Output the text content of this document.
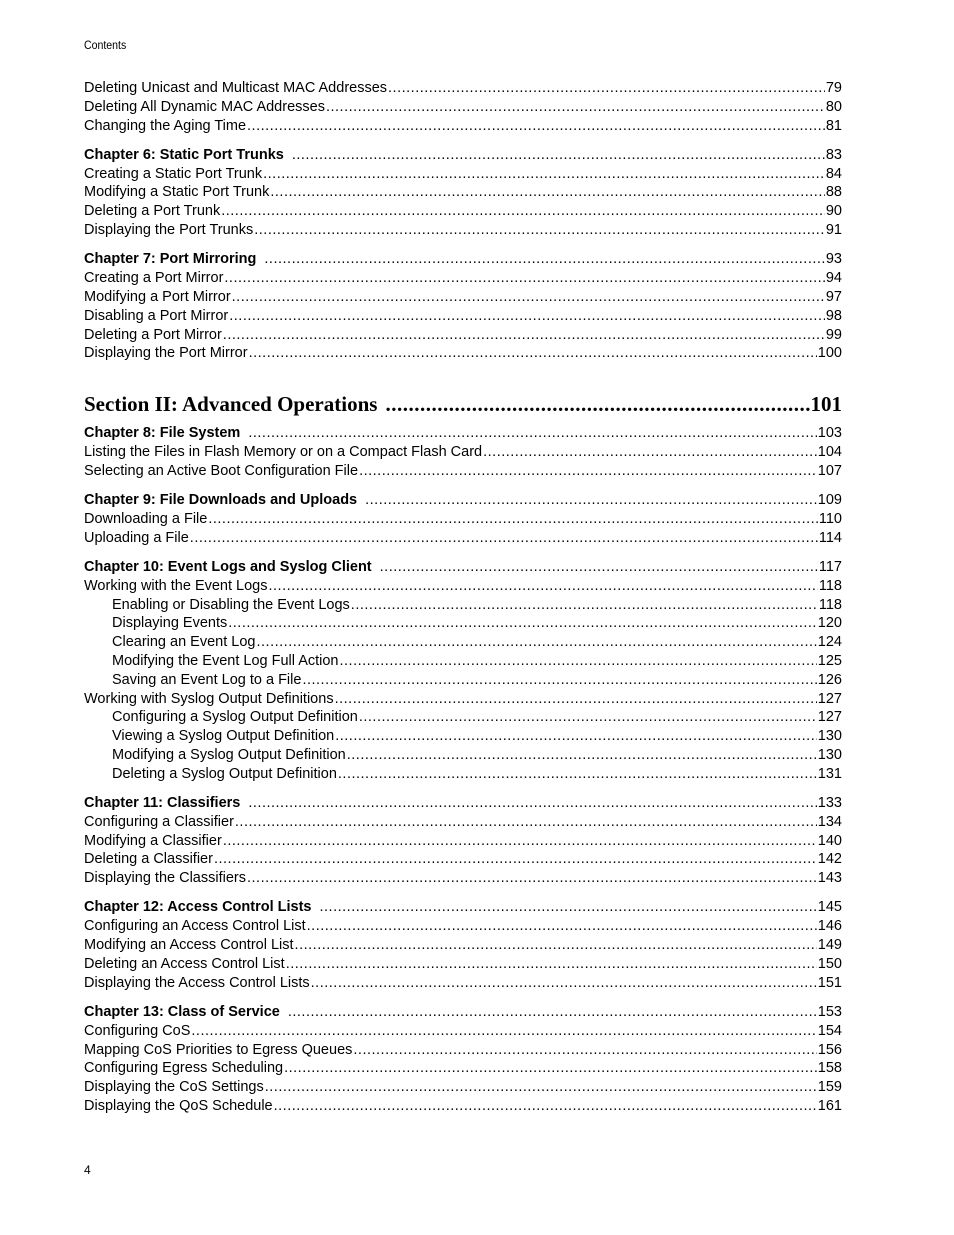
Contents
Deleting Unicast and Multicast MAC Addresses .....	79
Deleting All Dynamic MAC Addresses .....	80
Changing the Aging Time .....	81
Chapter 6: Static Port Trunks .....	83
Creating a Static Port Trunk .....	84
Modifying a Static Port Trunk .....	88
Deleting a Port Trunk .....	90
Displaying the Port Trunks .....	91
Chapter 7: Port Mirroring .....	93
Creating a Port Mirror .....	94
Modifying a Port Mirror .....	97
Disabling a Port Mirror .....	98
Deleting a Port Mirror .....	99
Displaying the Port Mirror .....	100
Section II: Advanced Operations .....	101
Chapter 8: File System .....	103
Listing the Files in Flash Memory or on a Compact Flash Card .....	104
Selecting an Active Boot Configuration File .....	107
Chapter 9: File Downloads and Uploads .....	109
Downloading a File .....	110
Uploading a File .....	114
Chapter 10: Event Logs and Syslog Client .....	117
Working with the Event Logs .....	118
Enabling or Disabling the Event Logs .....	118
Displaying Events .....	120
Clearing an Event Log .....	124
Modifying the Event Log Full Action .....	125
Saving an Event Log to a File .....	126
Working with Syslog Output Definitions .....	127
Configuring a Syslog Output Definition .....	127
Viewing a Syslog Output Definition .....	130
Modifying a Syslog Output Definition .....	130
Deleting a Syslog Output Definition .....	131
Chapter 11: Classifiers .....	133
Configuring a Classifier .....	134
Modifying a Classifier .....	140
Deleting a Classifier .....	142
Displaying the Classifiers .....	143
Chapter 12: Access Control Lists .....	145
Configuring an Access Control List .....	146
Modifying an Access Control List .....	149
Deleting an Access Control List .....	150
Displaying the Access Control Lists .....	151
Chapter 13: Class of Service .....	153
Configuring CoS .....	154
Mapping CoS Priorities to Egress Queues .....	156
Configuring Egress Scheduling .....	158
Displaying the CoS Settings .....	159
Displaying the QoS Schedule .....	161
4
